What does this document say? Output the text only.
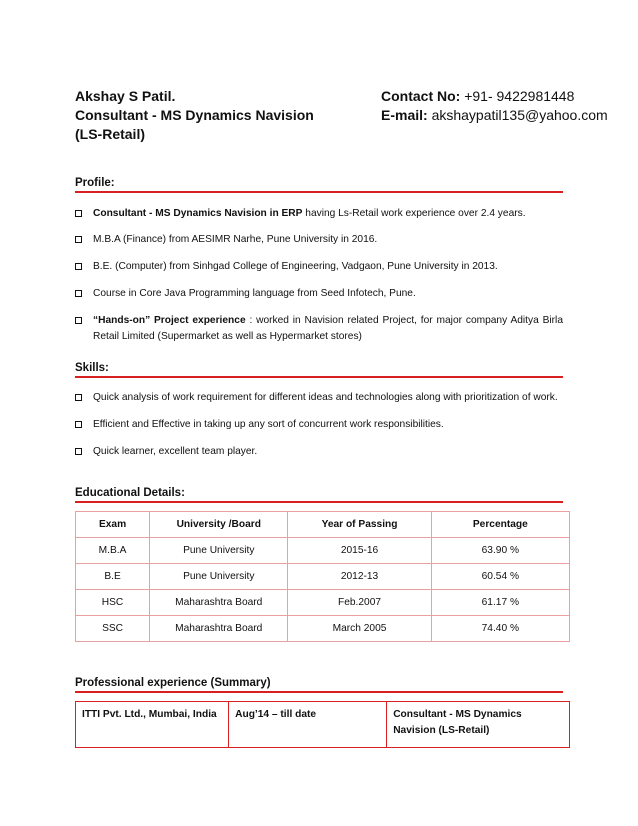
Akshay S Patil.
Consultant - MS Dynamics Navision
(LS-Retail)
Contact No: +91- 9422981448
E-mail: akshaypatil135@yahoo.com
Profile:
Consultant - MS Dynamics Navision in ERP having Ls-Retail work experience over 2.4 years.
M.B.A (Finance) from AESIMR Narhe, Pune University in 2016.
B.E. (Computer) from Sinhgad College of Engineering, Vadgaon, Pune University in 2013.
Course in Core Java Programming language from Seed Infotech, Pune.
“Hands-on” Project experience : worked in Navision related Project, for major company Aditya Birla Retail Limited (Supermarket as well as Hypermarket stores)
Skills:
Quick analysis of work requirement for different ideas and technologies along with prioritization of work.
Efficient and Effective in taking up any sort of concurrent work responsibilities.
Quick learner, excellent team player.
Educational Details:
Exam	University /Board	Year of Passing	Percentage
M.B.A	Pune University	2015-16	63.90 %
B.E	Pune University	2012-13	60.54 %
HSC	Maharashtra Board	Feb.2007	61.17 %
SSC	Maharashtra Board	March 2005	74.40 %
Professional experience (Summary)
ITTI Pvt. Ltd., Mumbai, India	Aug’14 – till date	Consultant - MS Dynamics Navision (LS-Retail)
